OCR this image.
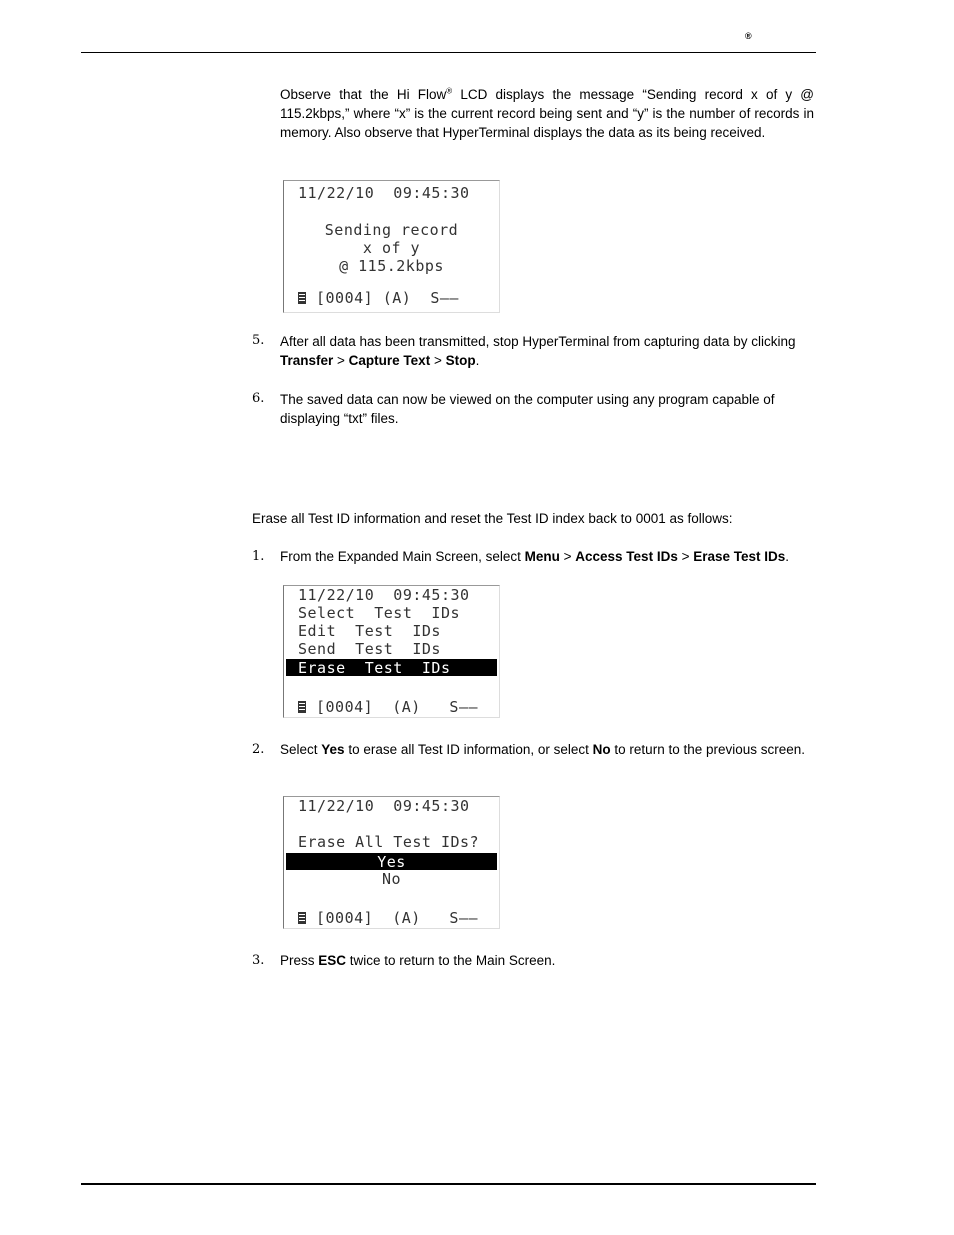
®
Observe that the Hi Flow® LCD displays the message “Sending record x of y @ 115.2kbps,” where “x” is the current record being sent and “y” is the number of records in memory. Also observe that HyperTerminal displays the data as its being received.
11/22/10  09:45:30
Sending record
x of y
@ 115.2kbps
[0004] (A)  S––
5. After all data has been transmitted, stop HyperTerminal from capturing data by clicking Transfer > Capture Text > Stop.
6. The saved data can now be viewed on the computer using any program capable of displaying “txt” files.
Erase all Test ID information and reset the Test ID index back to 0001 as follows:
1. From the Expanded Main Screen, select Menu > Access Test IDs > Erase Test IDs.
11/22/10  09:45:30
Select  Test  IDs
Edit  Test  IDs
Send  Test  IDs
Erase  Test  IDs
[0004]  (A)   S––
2. Select Yes to erase all Test ID information, or select No to return to the previous screen.
11/22/10  09:45:30
Erase All Test IDs?
Yes
No
[0004]  (A)   S––
3. Press ESC twice to return to the Main Screen.
